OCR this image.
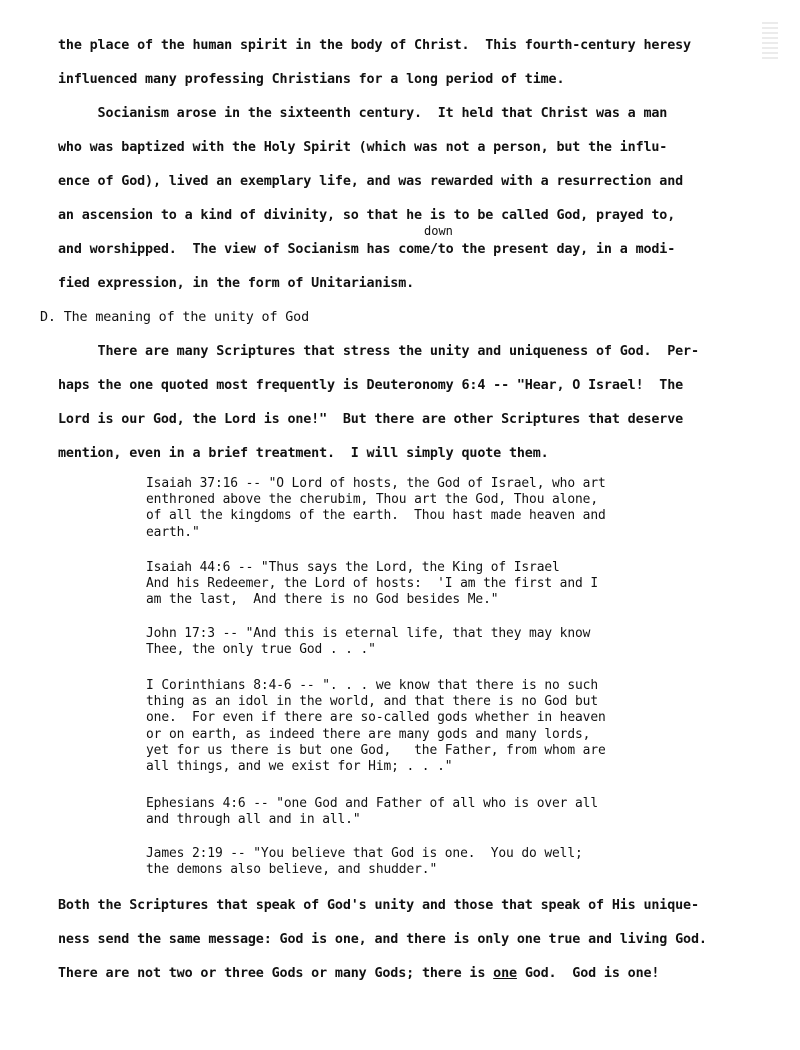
the place of the human spirit in the body of Christ.  This fourth-century heresy
influenced many professing Christians for a long period of time.
Socianism arose in the sixteenth century.  It held that Christ was a man
who was baptized with the Holy Spirit (which was not a person, but the influ-
ence of God), lived an exemplary life, and was rewarded with a resurrection and
an ascension to a kind of divinity, so that he is to be called God, prayed to,
down
and worshipped.  The view of Socianism has come/to the present day, in a modi-
fied expression, in the form of Unitarianism.
D. The meaning of the unity of God
There are many Scriptures that stress the unity and uniqueness of God.  Per-
haps the one quoted most frequently is Deuteronomy 6:4 -- "Hear, O Israel!  The
Lord is our God, the Lord is one!"  But there are other Scriptures that deserve
mention, even in a brief treatment.  I will simply quote them.
Isaiah 37:16 -- "O Lord of hosts, the God of Israel, who art
enthroned above the cherubim, Thou art the God, Thou alone,
of all the kingdoms of the earth.  Thou hast made heaven and
earth."
Isaiah 44:6 -- "Thus says the Lord, the King of Israel
And his Redeemer, the Lord of hosts:  'I am the first and I
am the last,  And there is no God besides Me."
John 17:3 -- "And this is eternal life, that they may know
Thee, the only true God . . ."
I Corinthians 8:4-6 -- ". . . we know that there is no such
thing as an idol in the world, and that there is no God but
one.  For even if there are so-called gods whether in heaven
or on earth, as indeed there are many gods and many lords,
yet for us there is but one God,   the Father, from whom are
all things, and we exist for Him; . . ."
Ephesians 4:6 -- "one God and Father of all who is over all
and through all and in all."
James 2:19 -- "You believe that God is one.  You do well;
the demons also believe, and shudder."
Both the Scriptures that speak of God's unity and those that speak of His unique-
ness send the same message: God is one, and there is only one true and living God.
There are not two or three Gods or many Gods; there is one God.  God is one!
